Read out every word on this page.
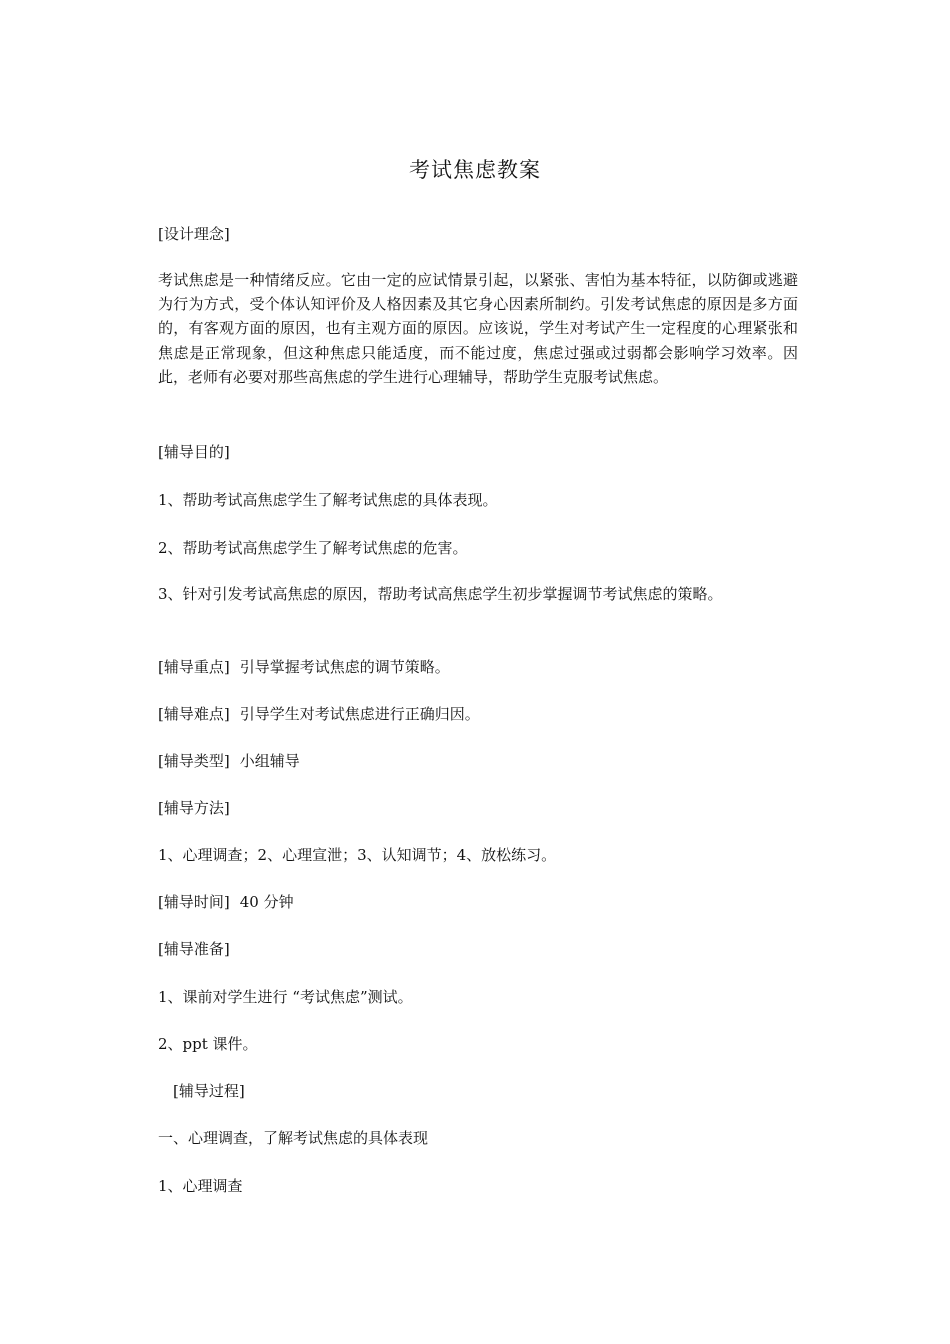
考试焦虑教案
[设计理念]
考试焦虑是一种情绪反应。它由一定的应试情景引起，以紧张、害怕为基本特征，以防御或逃避为行为方式，受个体认知评价及人格因素及其它身心因素所制约。引发考试焦虑的原因是多方面的，有客观方面的原因，也有主观方面的原因。应该说，学生对考试产生一定程度的心理紧张和焦虑是正常现象，但这种焦虑只能适度，而不能过度，焦虑过强或过弱都会影响学习效率。因此，老师有必要对那些高焦虑的学生进行心理辅导，帮助学生克服考试焦虑。
[辅导目的]
1、帮助考试高焦虑学生了解考试焦虑的具体表现。
2、帮助考试高焦虑学生了解考试焦虑的危害。
3、针对引发考试高焦虑的原因，帮助考试高焦虑学生初步掌握调节考试焦虑的策略。
[辅导重点] 引导掌握考试焦虑的调节策略。
[辅导难点] 引导学生对考试焦虑进行正确归因。
[辅导类型] 小组辅导
[辅导方法]
1、心理调查；2、心理宣泄；3、认知调节；4、放松练习。
[辅导时间] 40 分钟
[辅导准备]
1、课前对学生进行 “考试焦虑”测试。
2、ppt 课件。
[辅导过程]
一、心理调查，了解考试焦虑的具体表现
1、心理调查
